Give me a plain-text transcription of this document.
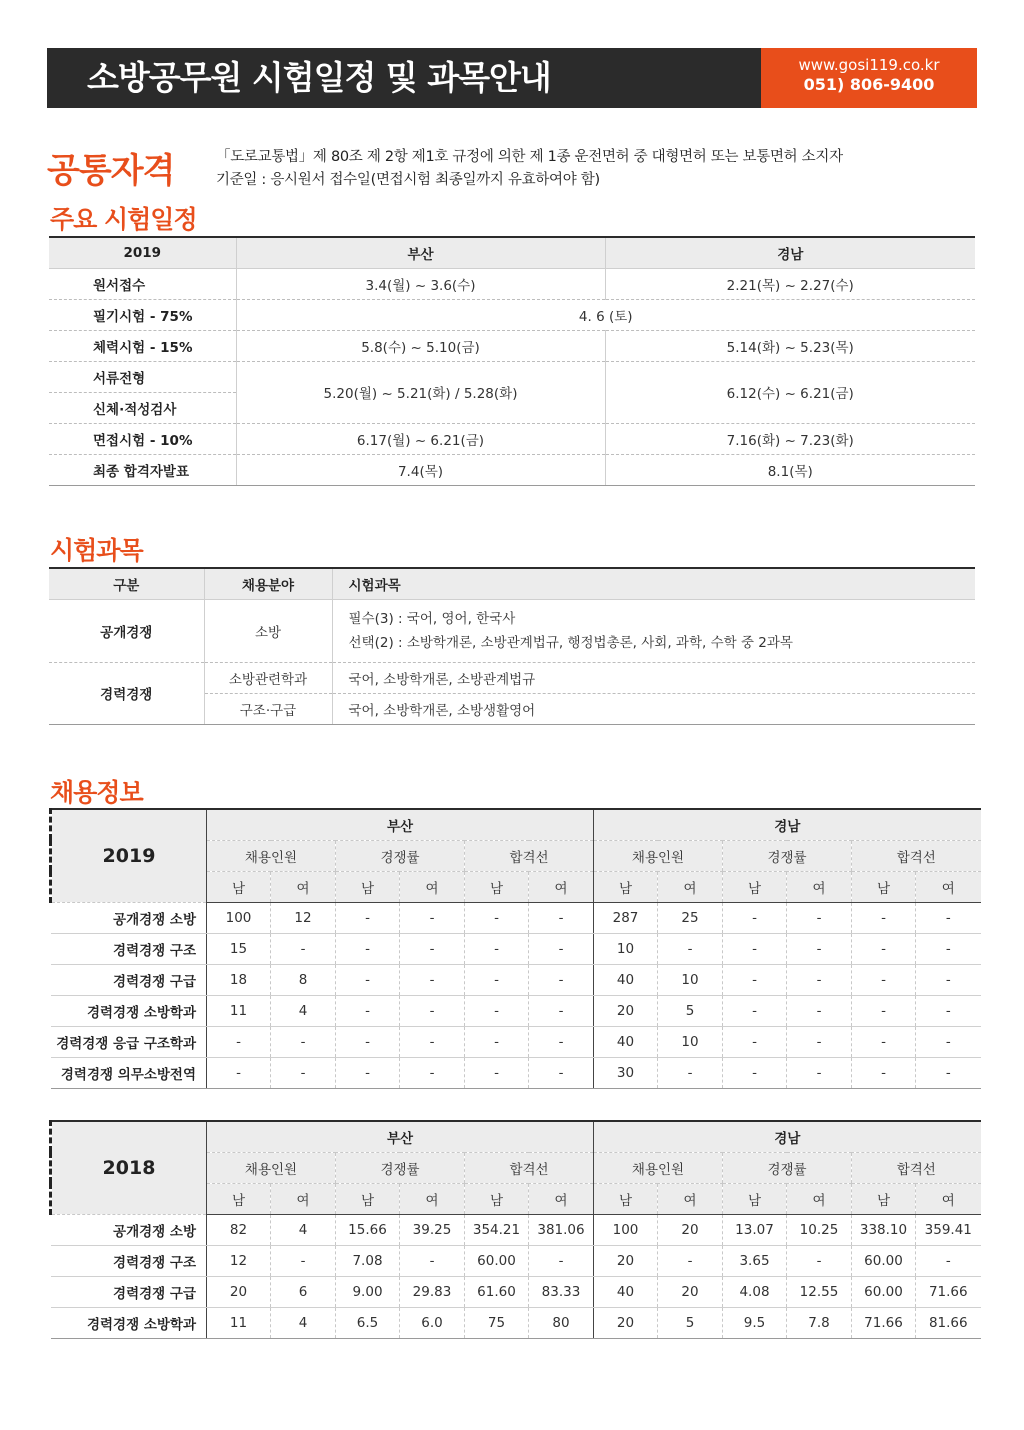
소방공무원 시험일정 및 과목안내	www.gosi119.co.kr
051) 806-9400
공통자격	「도로교통법」제 80조 제 2항 제1호 규정에 의한 제 1종 운전면허 중 대형면허 또는 보통면허 소지자
기준일 : 응시원서 접수일(면접시험 최종일까지 유효하여야 함)
주요 시험일정
2019	부산	경남
원서접수	3.4(월) ~ 3.6(수)	2.21(목) ~ 2.27(수)
필기시험 - 75%	4. 6 (토)	
체력시험 - 15%	5.8(수) ~ 5.10(금)	5.14(화) ~ 5.23(목)
서류전형	5.20(월) ~ 5.21(화) / 5.28(화)	6.12(수) ~ 6.21(금)
신체·적성검사		
면접시험 - 10%	6.17(월) ~ 6.21(금)	7.16(화) ~ 7.23(화)
최종 합격자발표	7.4(목)	8.1(목)
시험과목
구분	채용분야	시험과목
공개경쟁	소방	필수(3) : 국어, 영어, 한국사
선택(2) : 소방학개론, 소방관계법규, 행정법총론, 사회, 과학, 수학 중 2과목

경력경쟁	소방관련학과	국어, 소방학개론, 소방관계법규
	구조·구급	국어, 소방학개론, 소방생활영어
채용정보
2019	부산						경남					
	채용인원		경쟁률		합격선		채용인원		경쟁률		합격선	
	남	여	남	여	남	여	남	여	남	여	남	여
공개경쟁 소방	100	12	-	-	-	-	287	25	-	-	-	-
경력경쟁 구조	15	-	-	-	-	-	10	-	-	-	-	-
경력경쟁 구급	18	8	-	-	-	-	40	10	-	-	-	-
경력경쟁 소방학과	11	4	-	-	-	-	20	5	-	-	-	-
경력경쟁 응급 구조학과	-	-	-	-	-	-	40	10	-	-	-	-
경력경쟁 의무소방전역	-	-	-	-	-	-	30	-	-	-	-	-
2018	부산						경남					
	채용인원		경쟁률		합격선		채용인원		경쟁률		합격선	
	남	여	남	여	남	여	남	여	남	여	남	여
공개경쟁 소방	82	4	15.66	39.25	354.21	381.06	100	20	13.07	10.25	338.10	359.41
경력경쟁 구조	12	-	7.08	-	60.00	-	20	-	3.65	-	60.00	-
경력경쟁 구급	20	6	9.00	29.83	61.60	83.33	40	20	4.08	12.55	60.00	71.66
경력경쟁 소방학과	11	4	6.5	6.0	75	80	20	5	9.5	7.8	71.66	81.66
